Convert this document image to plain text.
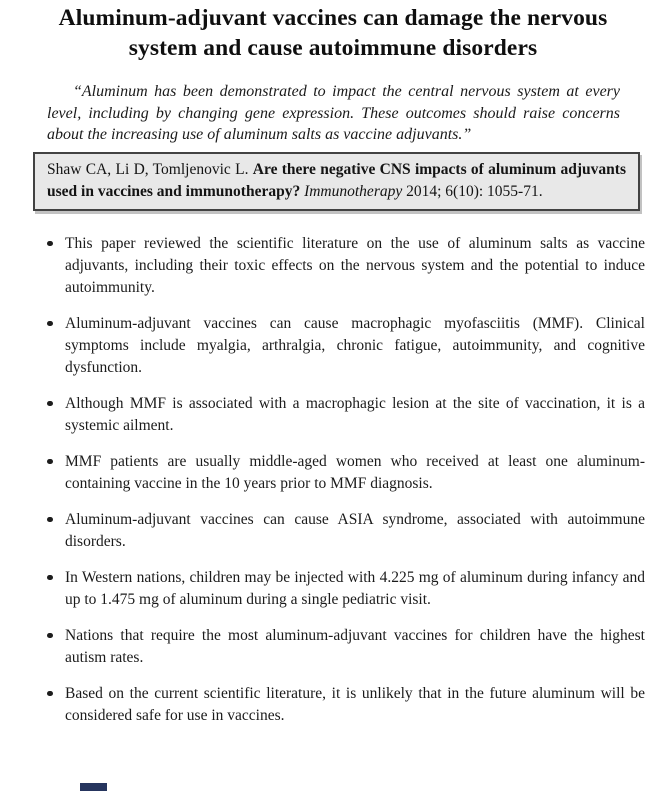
Aluminum-adjuvant vaccines can damage the nervous
system and cause autoimmune disorders

“Aluminum has been demonstrated to impact the central nervous system at every level, including by changing gene expression. These outcomes should raise concerns about the increasing use of aluminum salts as vaccine adjuvants.”

Shaw CA, Li D, Tomljenovic L. Are there negative CNS impacts of aluminum adjuvants used in vaccines and immunotherapy? Immunotherapy 2014; 6(10): 1055-71.
This paper reviewed the scientific literature on the use of aluminum salts as vaccine adjuvants, including their toxic effects on the nervous system and the potential to induce autoimmunity.
Aluminum-adjuvant vaccines can cause macrophagic myofasciitis (MMF). Clinical symptoms include myalgia, arthralgia, chronic fatigue, autoimmunity, and cognitive dysfunction.
Although MMF is associated with a macrophagic lesion at the site of vaccination, it is a systemic ailment.
MMF patients are usually middle-aged women who received at least one aluminum-containing vaccine in the 10 years prior to MMF diagnosis.
Aluminum-adjuvant vaccines can cause ASIA syndrome, associated with autoimmune disorders.
In Western nations, children may be injected with 4.225 mg of aluminum during infancy and up to 1.475 mg of aluminum during a single pediatric visit.
Nations that require the most aluminum-adjuvant vaccines for children have the highest autism rates.
Based on the current scientific literature, it is unlikely that in the future aluminum will be considered safe for use in vaccines.
